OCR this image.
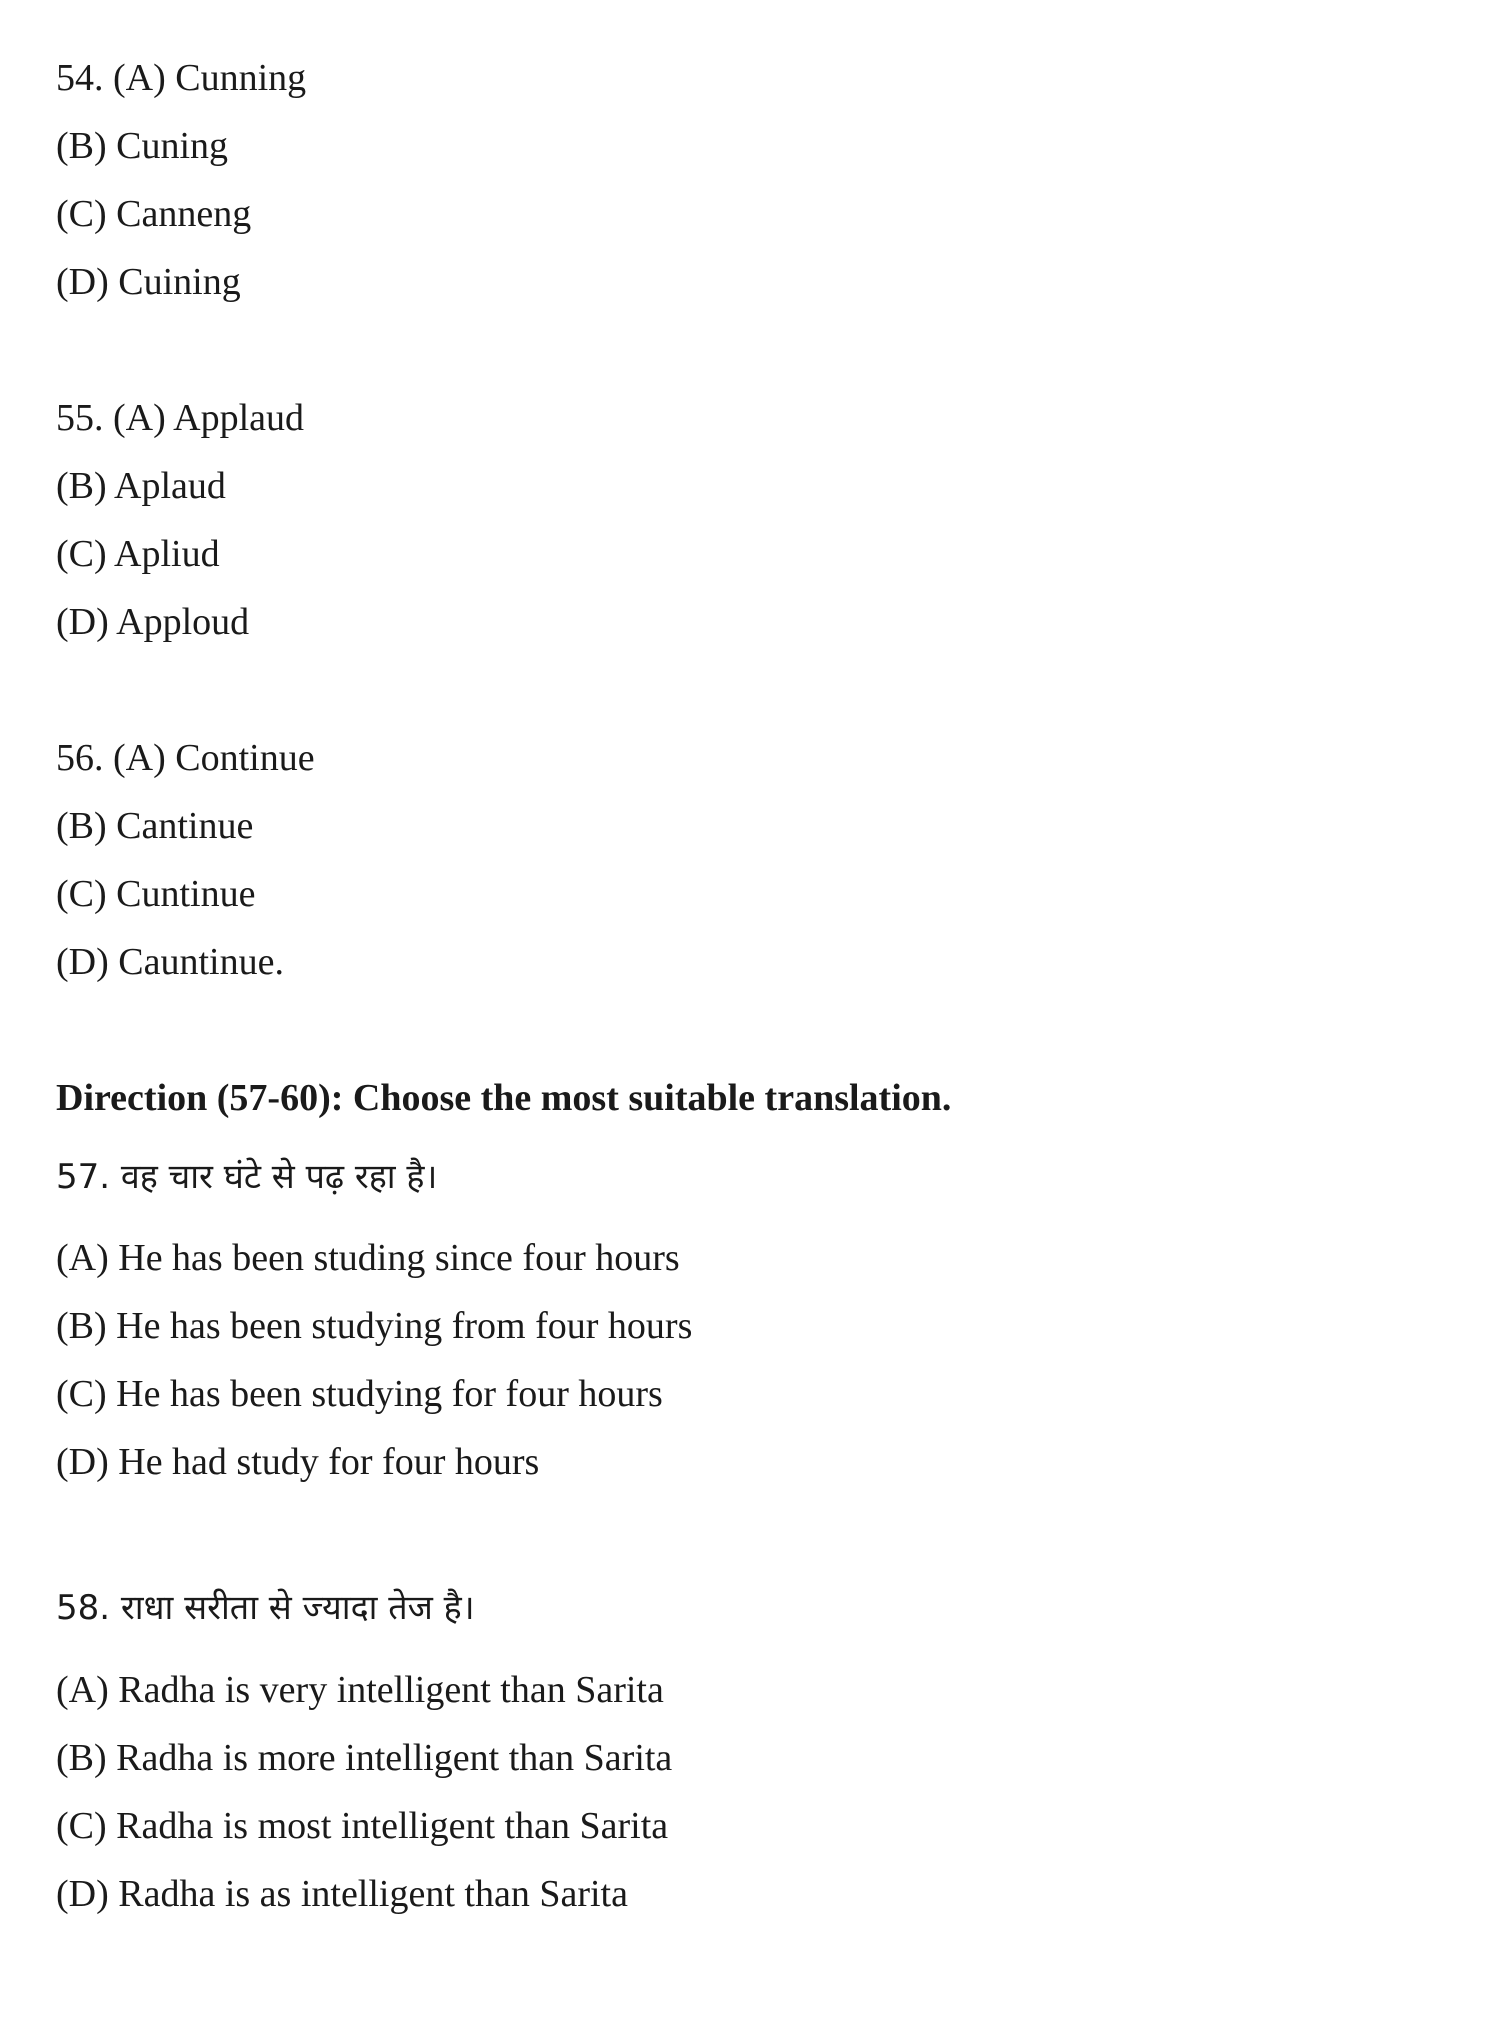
54. (A) Cunning
(B) Cuning
(C) Canneng
(D) Cuining
55. (A) Applaud
(B) Aplaud
(C) Apliud
(D) Apploud
56. (A) Continue
(B) Cantinue
(C) Cuntinue
(D) Cauntinue.
Direction (57-60): Choose the most suitable translation.
57. वह चार घंटे से पढ़ रहा है।
(A) He has been studing since four hours
(B) He has been studying from four hours
(C) He has been studying for four hours
(D) He had study for four hours
58. राधा सरीता से ज्यादा तेज है।
(A) Radha is very intelligent than Sarita
(B) Radha is more intelligent than Sarita
(C) Radha is most intelligent than Sarita
(D) Radha is as intelligent than Sarita
